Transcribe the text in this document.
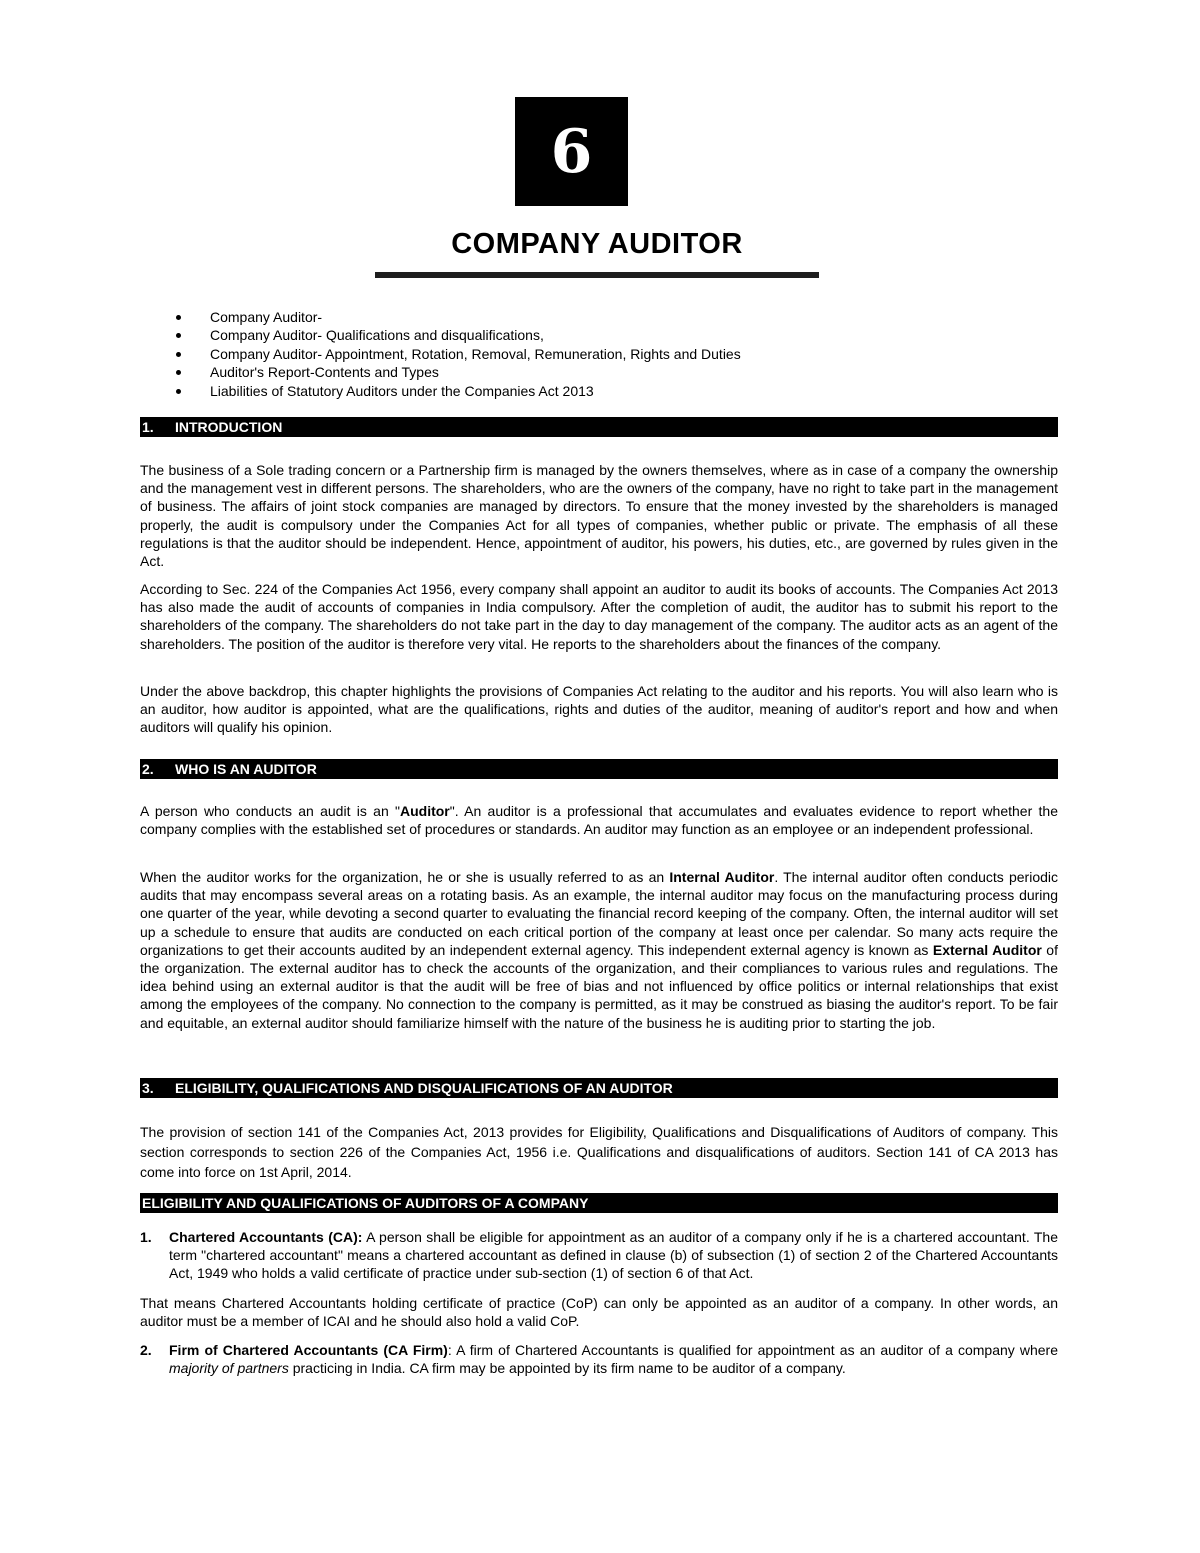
6
COMPANY AUDITOR
Company Auditor-
Company Auditor- Qualifications and disqualifications,
Company Auditor- Appointment, Rotation, Removal, Remuneration, Rights and Duties
Auditor's Report-Contents and Types
Liabilities of Statutory Auditors under the Companies Act 2013
1. INTRODUCTION

The business of a Sole trading concern or a Partnership firm is managed by the owners themselves, where as in case of a company the ownership and the management vest in different persons. The shareholders, who are the owners of the company, have no right to take part in the management of business. The affairs of joint stock companies are managed by directors. To ensure that the money invested by the shareholders is managed properly, the audit is compulsory under the Companies Act for all types of companies, whether public or private. The emphasis of all these regulations is that the auditor should be independent. Hence, appointment of auditor, his powers, his duties, etc., are governed by rules given in the Act.

According to Sec. 224 of the Companies Act 1956, every company shall appoint an auditor to audit its books of accounts. The Companies Act 2013 has also made the audit of accounts of companies in India compulsory. After the completion of audit, the auditor has to submit his report to the shareholders of the company. The shareholders do not take part in the day to day management of the company. The auditor acts as an agent of the shareholders. The position of the auditor is therefore very vital. He reports to the shareholders about the finances of the company.

Under the above backdrop, this chapter highlights the provisions of Companies Act relating to the auditor and his reports. You will also learn who is an auditor, how auditor is appointed, what are the qualifications, rights and duties of the auditor, meaning of auditor's report and how and when auditors will qualify his opinion.

2. WHO IS AN AUDITOR

A person who conducts an audit is an "Auditor". An auditor is a professional that accumulates and evaluates evidence to report whether the company complies with the established set of procedures or standards. An auditor may function as an employee or an independent professional.

When the auditor works for the organization, he or she is usually referred to as an Internal Auditor. The internal auditor often conducts periodic audits that may encompass several areas on a rotating basis. As an example, the internal auditor may focus on the manufacturing process during one quarter of the year, while devoting a second quarter to evaluating the financial record keeping of the company. Often, the internal auditor will set up a schedule to ensure that audits are conducted on each critical portion of the company at least once per calendar. So many acts require the organizations to get their accounts audited by an independent external agency. This independent external agency is known as External Auditor of the organization. The external auditor has to check the accounts of the organization, and their compliances to various rules and regulations. The idea behind using an external auditor is that the audit will be free of bias and not influenced by office politics or internal relationships that exist among the employees of the company. No connection to the company is permitted, as it may be construed as biasing the auditor's report. To be fair and equitable, an external auditor should familiarize himself with the nature of the business he is auditing prior to starting the job.

3. ELIGIBILITY, QUALIFICATIONS AND DISQUALIFICATIONS OF AN AUDITOR

The provision of section 141 of the Companies Act, 2013 provides for Eligibility, Qualifications and Disqualifications of Auditors of company. This section corresponds to section 226 of the Companies Act, 1956 i.e. Qualifications and disqualifications of auditors. Section 141 of CA 2013 has come into force on 1st April, 2014.

ELIGIBILITY AND QUALIFICATIONS OF AUDITORS OF A COMPANY
1. Chartered Accountants (CA): A person shall be eligible for appointment as an auditor of a company only if he is a chartered accountant. The term "chartered accountant" means a chartered accountant as defined in clause (b) of subsection (1) of section 2 of the Chartered Accountants Act, 1949 who holds a valid certificate of practice under sub-section (1) of section 6 of that Act.

That means Chartered Accountants holding certificate of practice (CoP) can only be appointed as an auditor of a company. In other words, an auditor must be a member of ICAI and he should also hold a valid CoP.

2. Firm of Chartered Accountants (CA Firm): A firm of Chartered Accountants is qualified for appointment as an auditor of a company where majority of partners practicing in India. CA firm may be appointed by its firm name to be auditor of a company.
